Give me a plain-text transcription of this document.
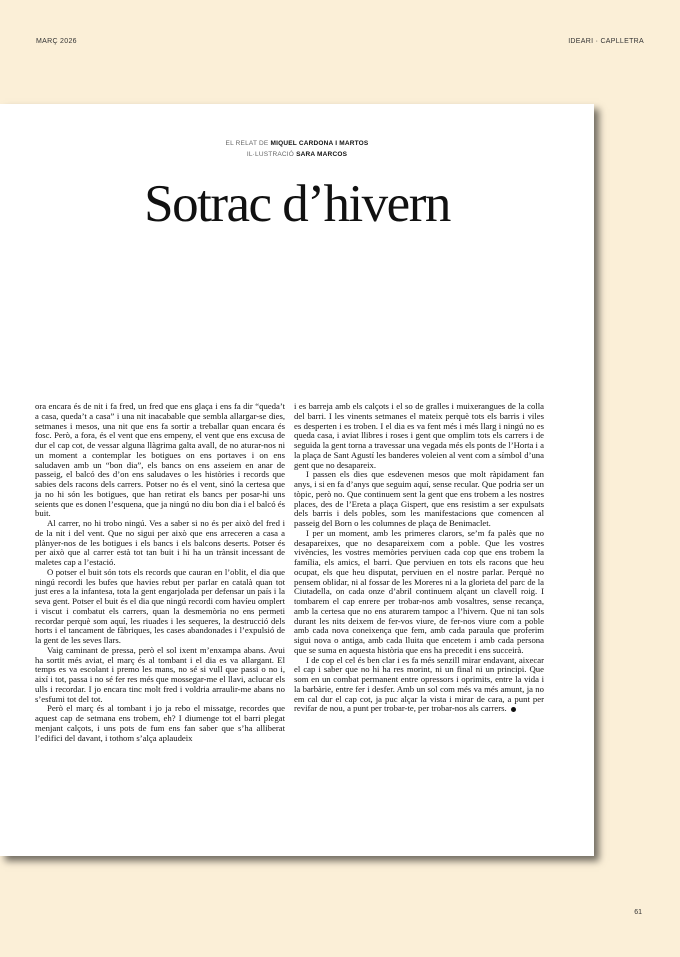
MARÇ 2026	IDEARI · CAPLLETRA
EL RELAT DE MIQUEL CARDONA I MARTOS
IL·LUSTRACIÓ SARA MARCOS
Sotrac d’hivern

ora encara és de nit i fa fred, un fred que ens glaça i ens fa dir “queda’t a casa, queda’t a casa” i una nit inacabable que sembla allargar-se dies, setmanes i mesos, una nit que ens fa sortir a treballar quan encara és fosc. Però, a fora, és el vent que ens empeny, el vent que ens excusa de dur el cap cot, de vessar alguna llàgrima galta avall, de no aturar-nos ni un moment a contemplar les botigues on ens portaves i on ens saludaven amb un “bon dia”, els bancs on ens asseiem en anar de passeig, el balcó des d’on ens saludaves o les històries i records que sabies dels racons dels carrers. Potser no és el vent, sinó la certesa que ja no hi són les botigues, que han retirat els bancs per posar-hi uns seients que es donen l’esquena, que ja ningú no diu bon dia i el balcó és buit.

Al carrer, no hi trobo ningú. Ves a saber si no és per això del fred i de la nit i del vent. Que no sigui per això que ens arreceren a casa a plànyer-nos de les botigues i els bancs i els balcons deserts. Potser és per això que al carrer està tot tan buit i hi ha un trànsit incessant de maletes cap a l’estació.

O potser el buit són tots els records que cauran en l’oblit, el dia que ningú recordi les bufes que havies rebut per parlar en català quan tot just eres a la infantesa, tota la gent engarjolada per defensar un país i la seva gent. Potser el buit és el dia que ningú recordi com havíeu omplert i viscut i combatut els carrers, quan la desmemòria no ens permeti recordar perquè som aquí, les riuades i les sequeres, la destrucció dels horts i el tancament de fàbriques, les cases abandonades i l’expulsió de la gent de les seves llars.

Vaig caminant de pressa, però el sol ixent m’enxampa abans. Avui ha sortit més aviat, el març és al tombant i el dia es va allargant. El temps es va escolant i premo les mans, no sé si vull que passi o no i, així i tot, passa i no sé fer res més que mossegar-me el llavi, aclucar els ulls i recordar. I jo encara tinc molt fred i voldria arraulir-me abans no s’esfumi tot del tot.

Però el març és al tombant i jo ja rebo el missatge, recordes que aquest cap de setmana ens trobem, eh? I diumenge tot el barri plegat menjant calçots, i uns pots de fum ens fan saber que s’ha alliberat l’edifici del davant, i tothom s’alça aplaudeix

i es barreja amb els calçots i el so de gralles i muixerangues de la colla del barri. I les vinents setmanes el mateix perquè tots els barris i viles es desperten i es troben. I el dia es va fent més i més llarg i ningú no es queda casa, i aviat llibres i roses i gent que omplim tots els carrers i de seguida la gent torna a travessar una vegada més els ponts de l’Horta i a la plaça de Sant Agustí les banderes voleien al vent com a símbol d’una gent que no desapareix.

I passen els dies que esdevenen mesos que molt ràpidament fan anys, i si en fa d’anys que seguim aquí, sense recular. Que podria ser un tòpic, però no. Que continuem sent la gent que ens trobem a les nostres places, des de l’Ereta a plaça Gispert, que ens resistim a ser expulsats dels barris i dels pobles, som les manifestacions que comencen al passeig del Born o les columnes de plaça de Benimaclet.

I per un moment, amb les primeres clarors, se’m fa palès que no desapareixes, que no desapareixem com a poble. Que les vostres vivències, les vostres memòries perviuen cada cop que ens trobem la família, els amics, el barri. Que perviuen en tots els racons que heu ocupat, els que heu disputat, perviuen en el nostre parlar. Perquè no pensem oblidar, ni al fossar de les Moreres ni a la glorieta del parc de la Ciutadella, on cada onze d’abril continuem alçant un clavell roig. I tombarem el cap enrere per trobar-nos amb vosaltres, sense recança, amb la certesa que no ens aturarem tampoc a l’hivern. Que ni tan sols durant les nits deixem de fer-vos viure, de fer-nos viure com a poble amb cada nova coneixença que fem, amb cada paraula que proferim sigui nova o antiga, amb cada lluita que encetem i amb cada persona que se suma en aquesta història que ens ha precedit i ens succeirà.

I de cop el cel és ben clar i es fa més senzill mirar endavant, aixecar el cap i saber que no hi ha res morint, ni un final ni un principi. Que som en un combat permanent entre opressors i oprimits, entre la vida i la barbàrie, entre fer i desfer. Amb un sol com més va més amunt, ja no em cal dur el cap cot, ja puc alçar la vista i mirar de cara, a punt per revifar de nou, a punt per trobar-te, per trobar-nos als carrers.

61
